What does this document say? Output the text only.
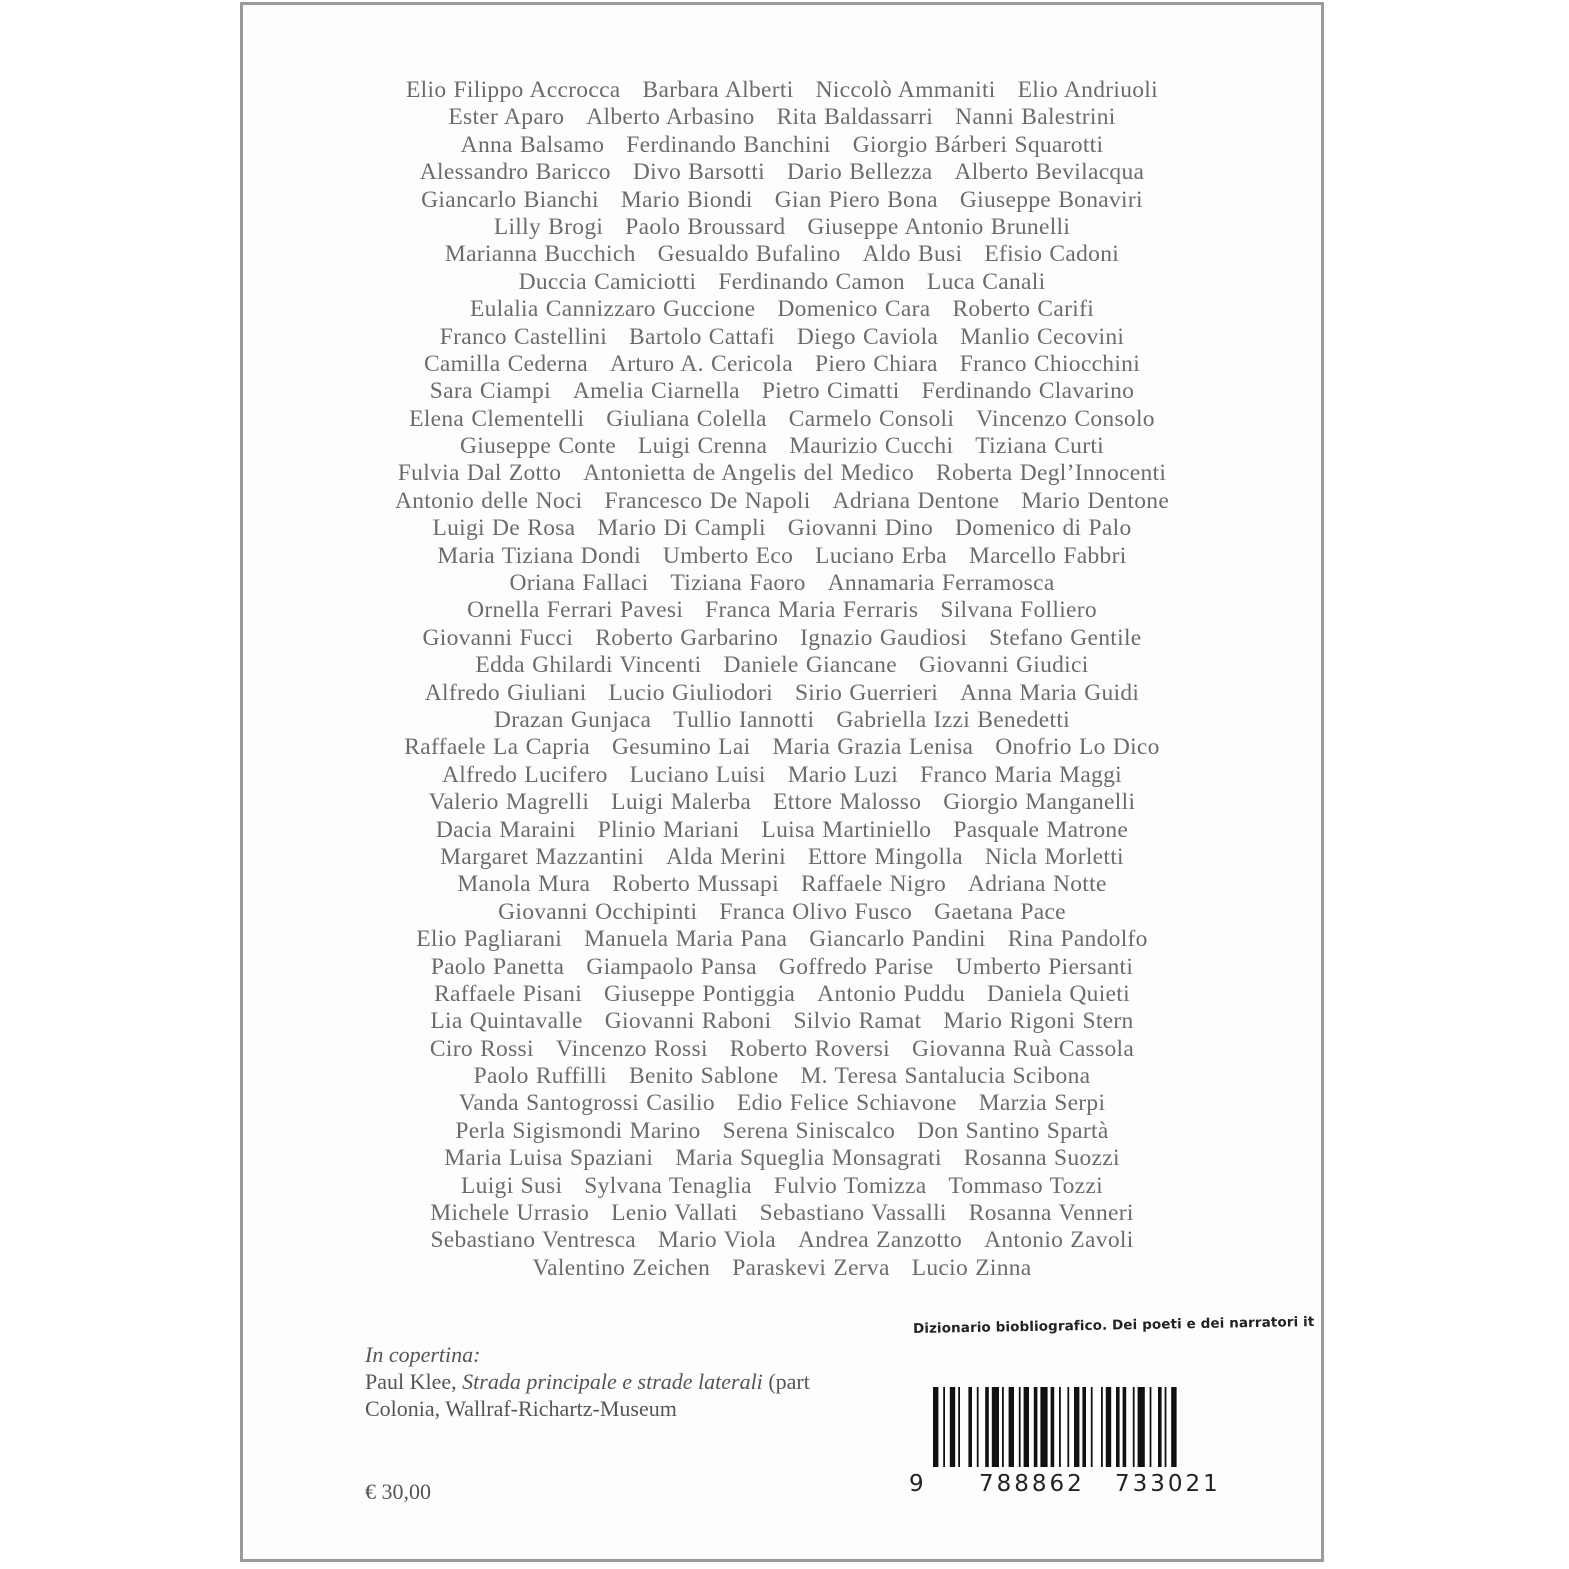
Elio Filippo Accrocca Barbara Alberti Niccolò Ammaniti Elio Andriuoli
Ester Aparo Alberto Arbasino Rita Baldassarri Nanni Balestrini
Anna Balsamo Ferdinando Banchini Giorgio Bárberi Squarotti
Alessandro Baricco Divo Barsotti Dario Bellezza Alberto Bevilacqua
Giancarlo Bianchi Mario Biondi Gian Piero Bona Giuseppe Bonaviri
Lilly Brogi Paolo Broussard Giuseppe Antonio Brunelli
Marianna Bucchich Gesualdo Bufalino Aldo Busi Efisio Cadoni
Duccia Camiciotti Ferdinando Camon Luca Canali
Eulalia Cannizzaro Guccione Domenico Cara Roberto Carifi
Franco Castellini Bartolo Cattafi Diego Caviola Manlio Cecovini
Camilla Cederna Arturo A. Cericola Piero Chiara Franco Chiocchini
Sara Ciampi Amelia Ciarnella Pietro Cimatti Ferdinando Clavarino
Elena Clementelli Giuliana Colella Carmelo Consoli Vincenzo Consolo
Giuseppe Conte Luigi Crenna Maurizio Cucchi Tiziana Curti
Fulvia Dal Zotto Antonietta de Angelis del Medico Roberta Degl’Innocenti
Antonio delle Noci Francesco De Napoli Adriana Dentone Mario Dentone
Luigi De Rosa Mario Di Campli Giovanni Dino Domenico di Palo
Maria Tiziana Dondi Umberto Eco Luciano Erba Marcello Fabbri
Oriana Fallaci Tiziana Faoro Annamaria Ferramosca
Ornella Ferrari Pavesi Franca Maria Ferraris Silvana Folliero
Giovanni Fucci Roberto Garbarino Ignazio Gaudiosi Stefano Gentile
Edda Ghilardi Vincenti Daniele Giancane Giovanni Giudici
Alfredo Giuliani Lucio Giuliodori Sirio Guerrieri Anna Maria Guidi
Drazan Gunjaca Tullio Iannotti Gabriella Izzi Benedetti
Raffaele La Capria Gesumino Lai Maria Grazia Lenisa Onofrio Lo Dico
Alfredo Lucifero Luciano Luisi Mario Luzi Franco Maria Maggi
Valerio Magrelli Luigi Malerba Ettore Malosso Giorgio Manganelli
Dacia Maraini Plinio Mariani Luisa Martiniello Pasquale Matrone
Margaret Mazzantini Alda Merini Ettore Mingolla Nicla Morletti
Manola Mura Roberto Mussapi Raffaele Nigro Adriana Notte
Giovanni Occhipinti Franca Olivo Fusco Gaetana Pace
Elio Pagliarani Manuela Maria Pana Giancarlo Pandini Rina Pandolfo
Paolo Panetta Giampaolo Pansa Goffredo Parise Umberto Piersanti
Raffaele Pisani Giuseppe Pontiggia Antonio Puddu Daniela Quieti
Lia Quintavalle Giovanni Raboni Silvio Ramat Mario Rigoni Stern
Ciro Rossi Vincenzo Rossi Roberto Roversi Giovanna Ruà Cassola
Paolo Ruffilli Benito Sablone M. Teresa Santalucia Scibona
Vanda Santogrossi Casilio Edio Felice Schiavone Marzia Serpi
Perla Sigismondi Marino Serena Siniscalco Don Santino Spartà
Maria Luisa Spaziani Maria Squeglia Monsagrati Rosanna Suozzi
Luigi Susi Sylvana Tenaglia Fulvio Tomizza Tommaso Tozzi
Michele Urrasio Lenio Vallati Sebastiano Vassalli Rosanna Venneri
Sebastiano Ventresca Mario Viola Andrea Zanzotto Antonio Zavoli
Valentino Zeichen Paraskevi Zerva Lucio Zinna
In copertina:
Paul Klee, Strada principale e strade laterali (part
Colonia, Wallraf-Richartz-Museum
€ 30,00
Dizionario biobliografico. Dei poeti e dei narratori it
9 788862 733021
